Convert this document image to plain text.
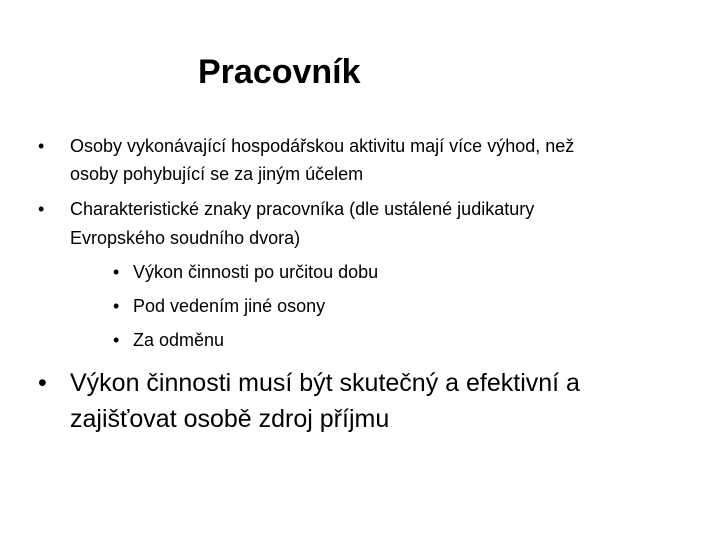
Pracovník
• Osoby vykonávající hospodářskou aktivitu mají více výhod, než
osoby pohybující se za jiným účelem
• Charakteristické znaky pracovníka (dle ustálené judikatury
Evropského soudního dvora)
• Výkon činnosti po určitou dobu
• Pod vedením jiné osony
• Za odměnu
• Výkon činnosti musí být skutečný a efektivní a
zajišťovat osobě zdroj příjmu
